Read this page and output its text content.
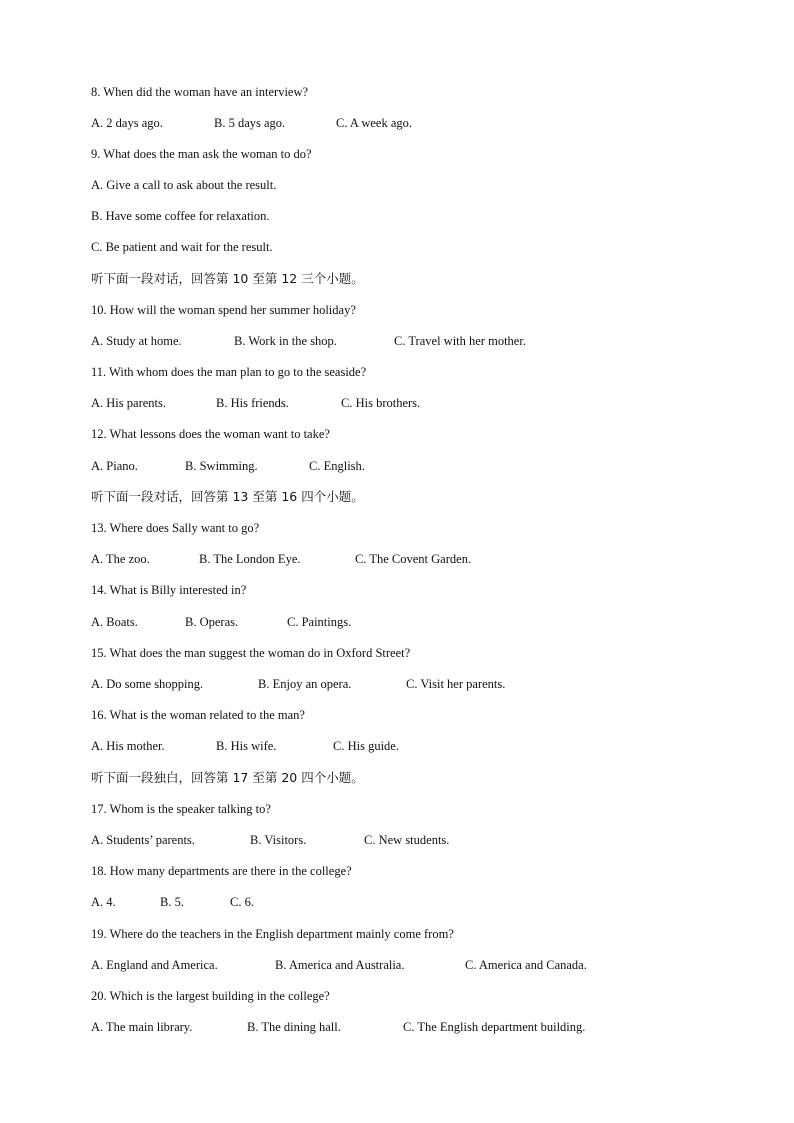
8. When did the woman have an interview?
A. 2 days ago.	B. 5 days ago.	C. A week ago.
9. What does the man ask the woman to do?
A. Give a call to ask about the result.
B. Have some coffee for relaxation.
C. Be patient and wait for the result.
听下面一段对话，回答第 10 至第 12 三个小题。
10. How will the woman spend her summer holiday?
A. Study at home.	B. Work in the shop.	C. Travel with her mother.
11. With whom does the man plan to go to the seaside?
A. His parents.	B. His friends.	C. His brothers.
12. What lessons does the woman want to take?
A. Piano.	B. Swimming.	C. English.
听下面一段对话，回答第 13 至第 16 四个小题。
13. Where does Sally want to go?
A. The zoo.	B. The London Eye.	C. The Covent Garden.
14. What is Billy interested in?
A. Boats.	B. Operas.	C. Paintings.
15. What does the man suggest the woman do in Oxford Street?
A. Do some shopping.	B. Enjoy an opera.	C. Visit her parents.
16. What is the woman related to the man?
A. His mother.	B. His wife.	C. His guide.
听下面一段独白，回答第 17 至第 20 四个小题。
17. Whom is the speaker talking to?
A. Students’ parents.	B. Visitors.	C. New students.
18. How many departments are there in the college?
A. 4.	B. 5.	C. 6.
19. Where do the teachers in the English department mainly come from?
A. England and America.	B. America and Australia.	C. America and Canada.
20. Which is the largest building in the college?
A. The main library.	B. The dining hall.	C. The English department building.
